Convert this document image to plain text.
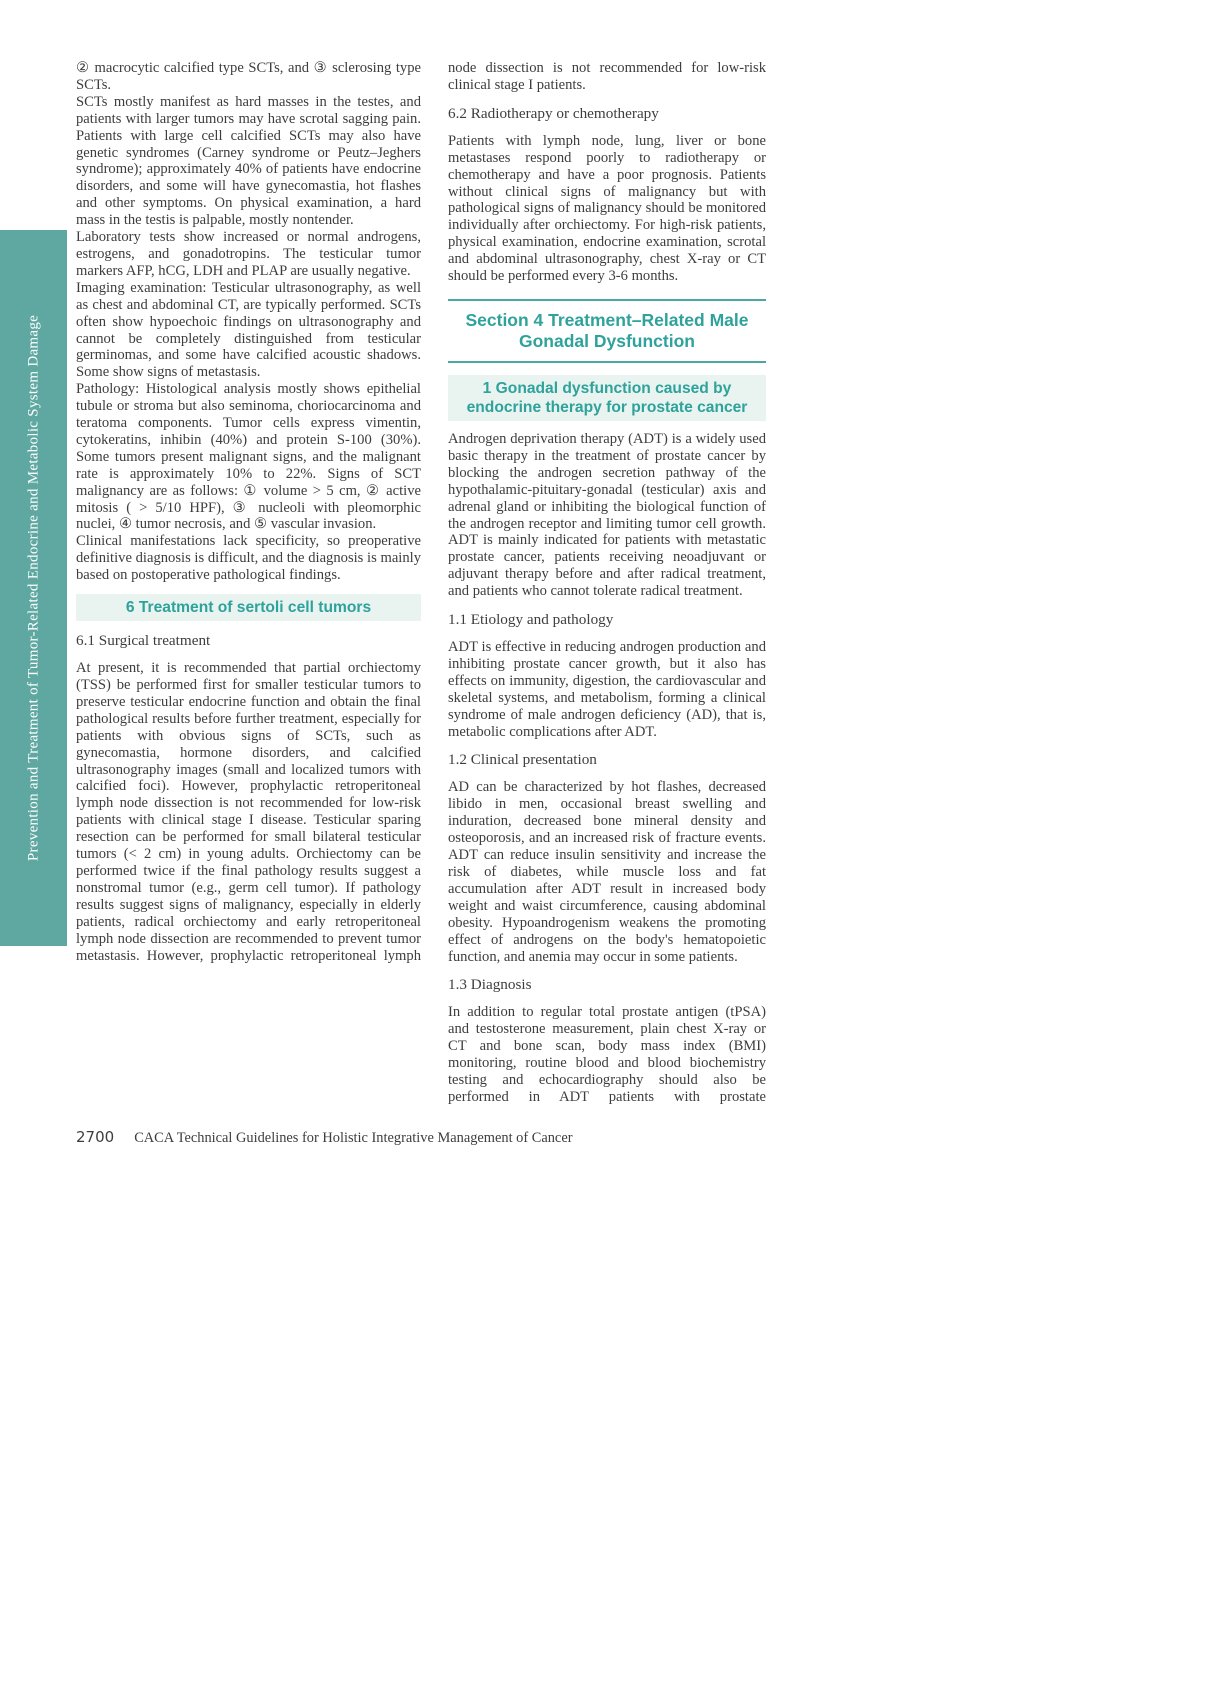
Prevention and Treatment of Tumor-Related Endocrine and Metabolic System Damage

② macrocytic calcified type SCTs, and ③ sclerosing type SCTs.

SCTs mostly manifest as hard masses in the testes, and patients with larger tumors may have scrotal sagging pain. Patients with large cell calcified SCTs may also have genetic syndromes (Carney syndrome or Peutz–Jeghers syndrome); approximately 40% of patients have endocrine disorders, and some will have gynecomastia, hot flashes and other symptoms. On physical examination, a hard mass in the testis is palpable, mostly nontender.

Laboratory tests show increased or normal androgens, estrogens, and gonadotropins. The testicular tumor markers AFP, hCG, LDH and PLAP are usually negative.

Imaging examination: Testicular ultrasonography, as well as chest and abdominal CT, are typically performed. SCTs often show hypoechoic findings on ultrasonography and cannot be completely distinguished from testicular germinomas, and some have calcified acoustic shadows. Some show signs of metastasis.

Pathology: Histological analysis mostly shows epithelial tubule or stroma but also seminoma, choriocarcinoma and teratoma components. Tumor cells express vimentin, cytokeratins, inhibin (40%) and protein S-100 (30%). Some tumors present malignant signs, and the malignant rate is approximately 10% to 22%. Signs of SCT malignancy are as follows: ① volume > 5 cm, ② active mitosis ( > 5/10 HPF), ③ nucleoli with pleomorphic nuclei, ④ tumor necrosis, and ⑤ vascular invasion.

Clinical manifestations lack specificity, so preoperative definitive diagnosis is difficult, and the diagnosis is mainly based on postoperative pathological findings.

6 Treatment of sertoli cell tumors
6.1 Surgical treatment

At present, it is recommended that partial orchiectomy (TSS) be performed first for smaller testicular tumors to preserve testicular endocrine function and obtain the final pathological results before further treatment, especially for patients with obvious signs of SCTs, such as gynecomastia, hormone disorders, and calcified ultrasonography images (small and localized tumors with calcified foci). However, prophylactic retroperitoneal lymph node dissection is not recommended for low-risk patients with clinical stage I disease. Testicular sparing resection can be performed for small bilateral testicular tumors (< 2 cm) in young adults. Orchiectomy can be performed twice if the final pathology results suggest a nonstromal tumor (e.g., germ cell tumor). If pathology results suggest signs of malignancy, especially in elderly patients, radical orchiectomy and early retroperitoneal lymph node dissection are recommended to prevent tumor metastasis. However, prophylactic retroperitoneal lymph

node dissection is not recommended for low-risk clinical stage I patients.

6.2 Radiotherapy or chemotherapy

Patients with lymph node, lung, liver or bone metastases respond poorly to radiotherapy or chemotherapy and have a poor prognosis. Patients without clinical signs of malignancy but with pathological signs of malignancy should be monitored individually after orchiectomy. For high-risk patients, physical examination, endocrine examination, scrotal and abdominal ultrasonography, chest X-ray or CT should be performed every 3-6 months.

Section 4 Treatment–Related Male Gonadal Dysfunction
1 Gonadal dysfunction caused by endocrine therapy for prostate cancer

Androgen deprivation therapy (ADT) is a widely used basic therapy in the treatment of prostate cancer by blocking the androgen secretion pathway of the hypothalamic-pituitary-gonadal (testicular) axis and adrenal gland or inhibiting the biological function of the androgen receptor and limiting tumor cell growth. ADT is mainly indicated for patients with metastatic prostate cancer, patients receiving neoadjuvant or adjuvant therapy before and after radical treatment, and patients who cannot tolerate radical treatment.

1.1 Etiology and pathology

ADT is effective in reducing androgen production and inhibiting prostate cancer growth, but it also has effects on immunity, digestion, the cardiovascular and skeletal systems, and metabolism, forming a clinical syndrome of male androgen deficiency (AD), that is, metabolic complications after ADT.

1.2 Clinical presentation

AD can be characterized by hot flashes, decreased libido in men, occasional breast swelling and induration, decreased bone mineral density and osteoporosis, and an increased risk of fracture events. ADT can reduce insulin sensitivity and increase the risk of diabetes, while muscle loss and fat accumulation after ADT result in increased body weight and waist circumference, causing abdominal obesity. Hypoandrogenism weakens the promoting effect of androgens on the body's hematopoietic function, and anemia may occur in some patients.

1.3 Diagnosis

In addition to regular total prostate antigen (tPSA) and testosterone measurement, plain chest X-ray or CT and bone scan, body mass index (BMI) monitoring, routine blood and blood biochemistry testing and echocardiography should also be performed in ADT patients with prostate

2700 CACA Technical Guidelines for Holistic Integrative Management of Cancer
